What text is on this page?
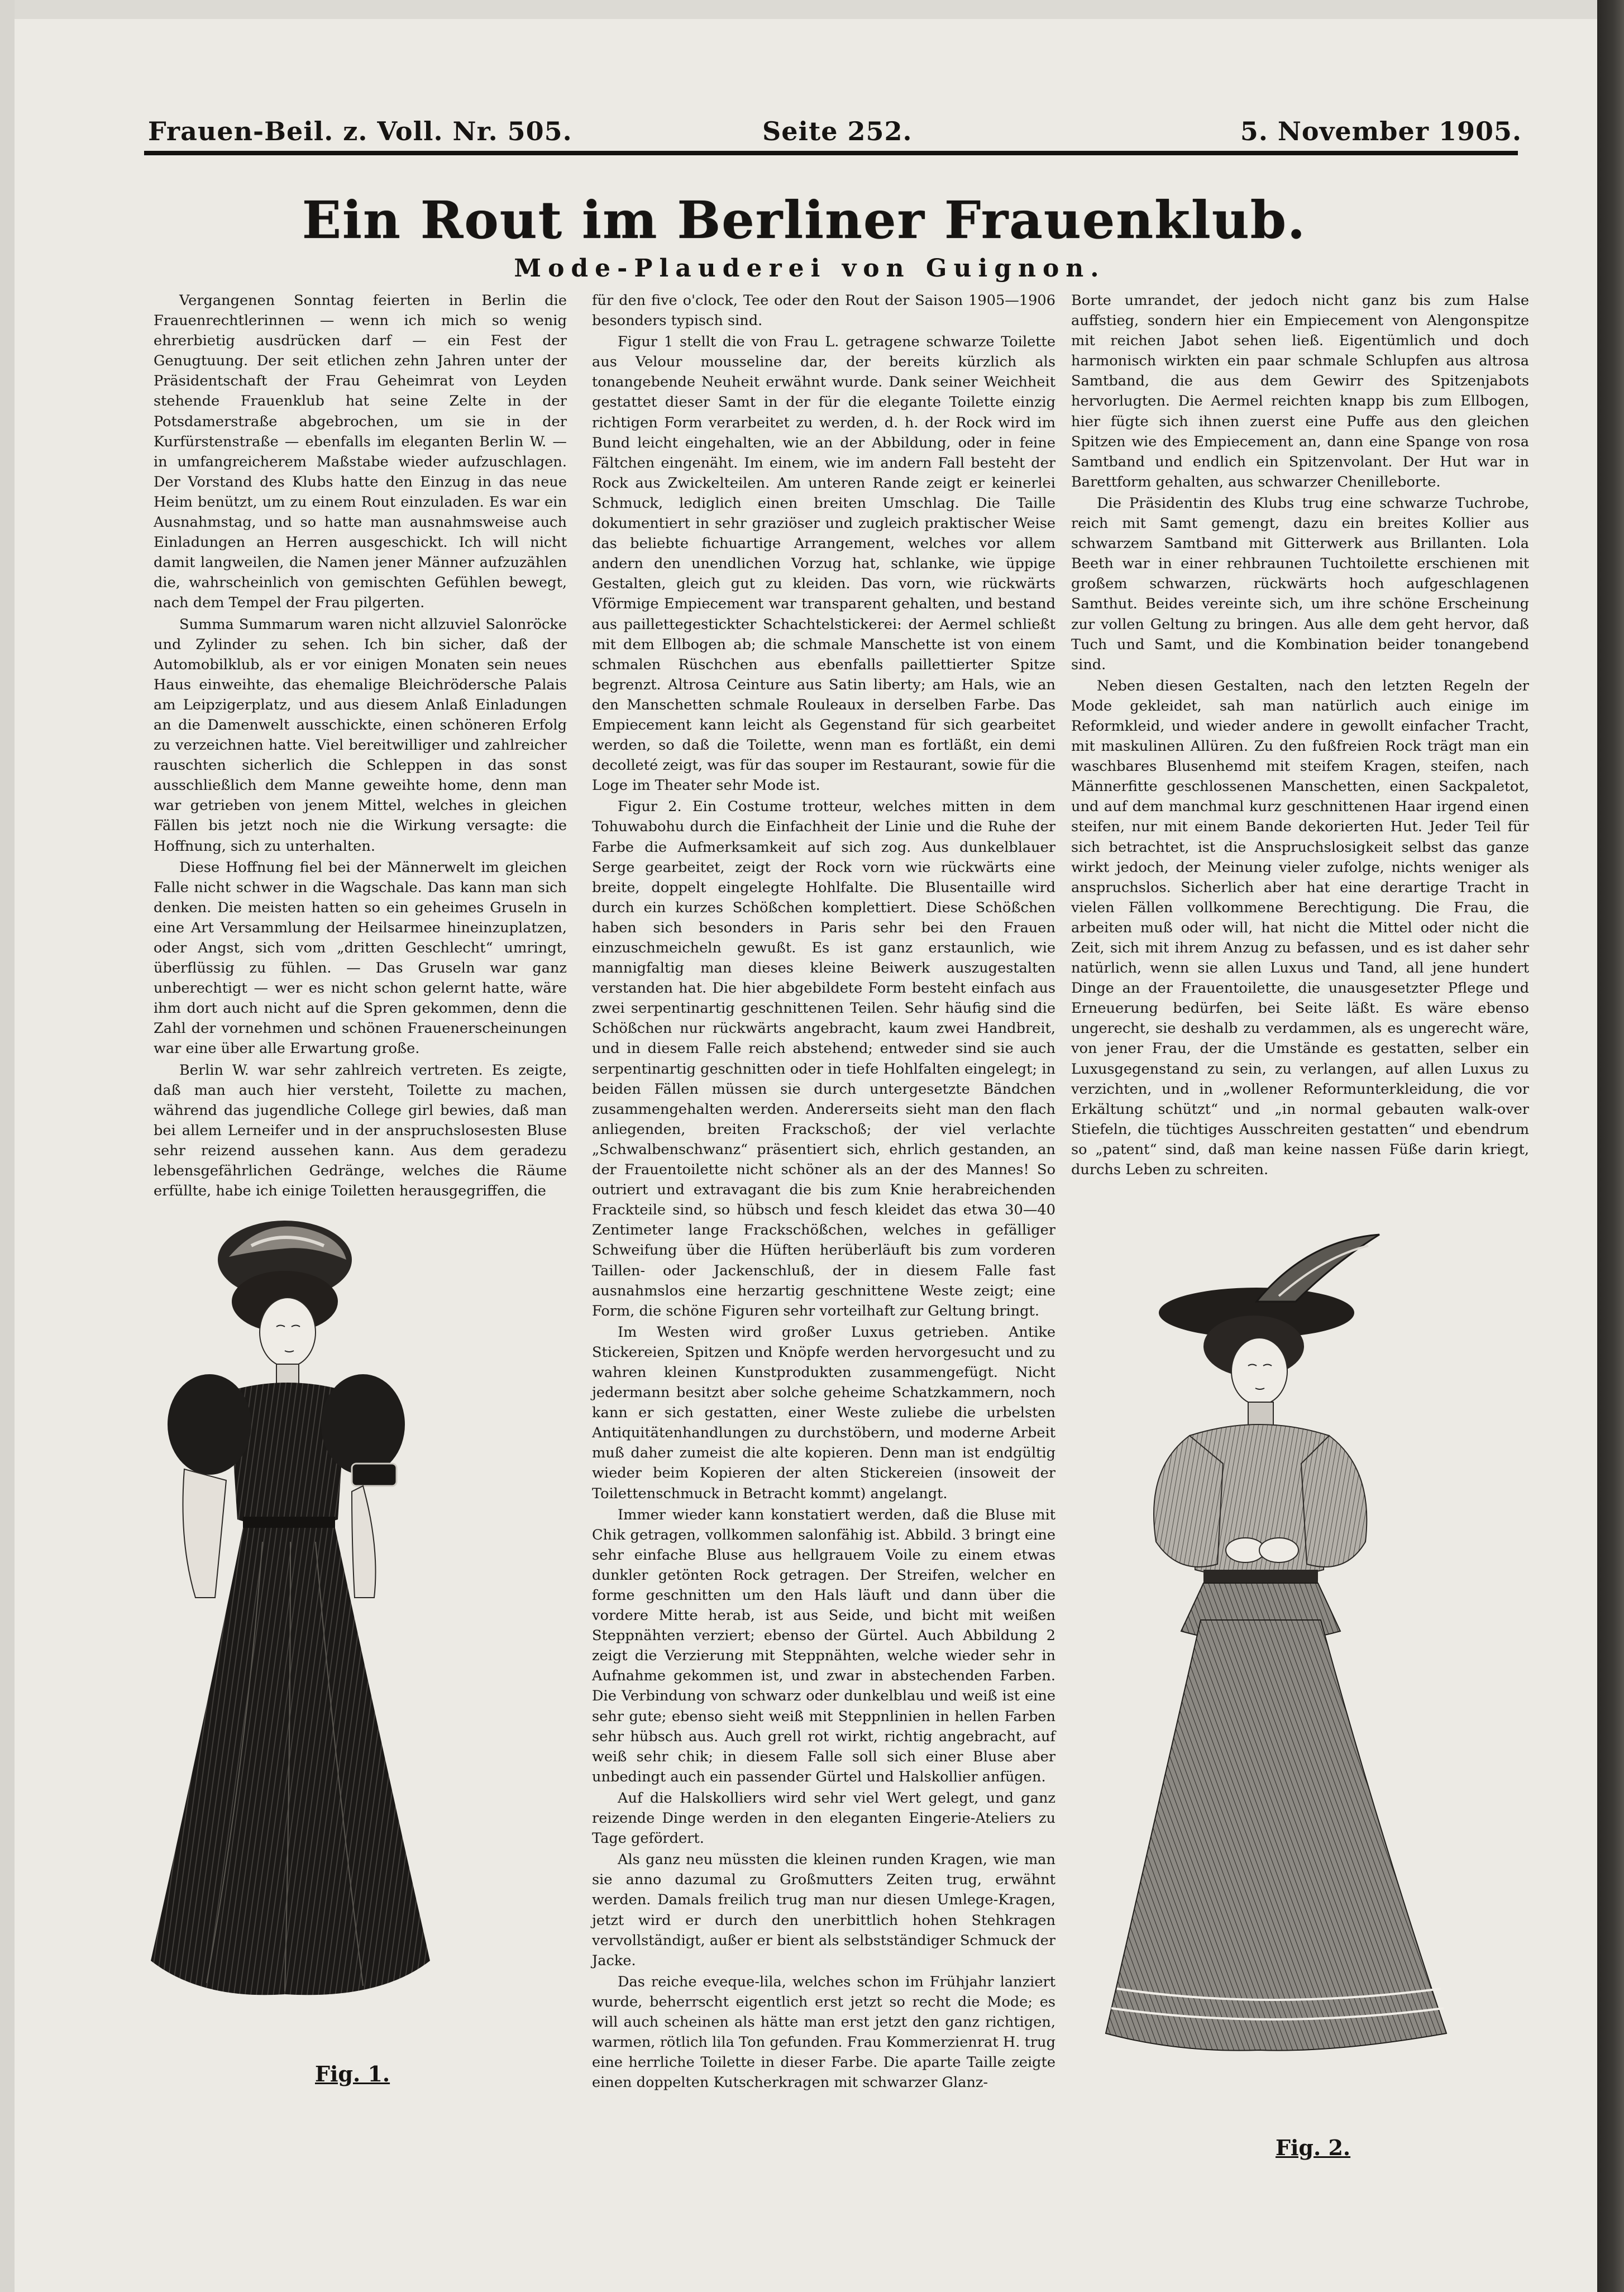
Frauen-Beil. z. Voll. Nr. 505.	Seite 252.	5. November 1905.
Ein Rout im Berliner Frauenklub.
Mode-Plauderei von Guignon.

Vergangenen Sonntag feierten in Berlin die Frauenrechtlerinnen — wenn ich mich so wenig ehrerbietig ausdrücken darf — ein Fest der Genugtuung. Der seit etlichen zehn Jahren unter der Präsidentschaft der Frau Geheimrat von Leyden stehende Frauenklub hat seine Zelte in der Potsdamerstraße abgebrochen, um sie in der Kurfürstenstraße — ebenfalls im eleganten Berlin W. — in umfangreicherem Maßstabe wieder aufzuschlagen. Der Vorstand des Klubs hatte den Einzug in das neue Heim benützt, um zu einem Rout einzuladen. Es war ein Ausnahmstag, und so hatte man ausnahmsweise auch Einladungen an Herren ausgeschickt. Ich will nicht damit langweilen, die Namen jener Männer aufzuzählen die, wahrscheinlich von gemischten Gefühlen bewegt, nach dem Tempel der Frau pilgerten.

Summa Summarum waren nicht allzuviel Salonröcke und Zylinder zu sehen. Ich bin sicher, daß der Automobilklub, als er vor einigen Monaten sein neues Haus einweihte, das ehemalige Bleichrödersche Palais am Leipzigerplatz, und aus diesem Anlaß Einladungen an die Damenwelt ausschickte, einen schöneren Erfolg zu verzeichnen hatte. Viel bereitwilliger und zahlreicher rauschten sicherlich die Schleppen in das sonst ausschließlich dem Manne geweihte home, denn man war getrieben von jenem Mittel, welches in gleichen Fällen bis jetzt noch nie die Wirkung versagte: die Hoffnung, sich zu unterhalten.

Diese Hoffnung fiel bei der Männerwelt im gleichen Falle nicht schwer in die Wagschale. Das kann man sich denken. Die meisten hatten so ein geheimes Gruseln in eine Art Versammlung der Heilsarmee hineinzuplatzen, oder Angst, sich vom „dritten Geschlecht“ umringt, überflüssig zu fühlen. — Das Gruseln war ganz unberechtigt — wer es nicht schon gelernt hatte, wäre ihm dort auch nicht auf die Spren gekommen, denn die Zahl der vornehmen und schönen Frauenerscheinungen war eine über alle Erwartung große.

Berlin W. war sehr zahlreich vertreten. Es zeigte, daß man auch hier versteht, Toilette zu machen, während das jugendliche College girl bewies, daß man bei allem Lerneifer und in der anspruchslosesten Bluse sehr reizend aussehen kann. Aus dem geradezu lebensgefährlichen Gedränge, welches die Räume erfüllte, habe ich einige Toiletten herausgegriffen, die

für den five o'clock, Tee oder den Rout der Saison 1905—1906 besonders typisch sind.

Figur 1 stellt die von Frau L. getragene schwarze Toilette aus Velour mousseline dar, der bereits kürzlich als tonangebende Neuheit erwähnt wurde. Dank seiner Weichheit gestattet dieser Samt in der für die elegante Toilette einzig richtigen Form verarbeitet zu werden, d. h. der Rock wird im Bund leicht eingehalten, wie an der Abbildung, oder in feine Fältchen eingenäht. Im einem, wie im andern Fall besteht der Rock aus Zwickelteilen. Am unteren Rande zeigt er keinerlei Schmuck, lediglich einen breiten Umschlag. Die Taille dokumentiert in sehr graziöser und zugleich praktischer Weise das beliebte fichuartige Arrangement, welches vor allem andern den unendlichen Vorzug hat, schlanke, wie üppige Gestalten, gleich gut zu kleiden. Das vorn, wie rückwärts Vförmige Empiecement war transparent gehalten, und bestand aus paillettegestickter Schachtelstickerei: der Aermel schließt mit dem Ellbogen ab; die schmale Manschette ist von einem schmalen Rüschchen aus ebenfalls paillettierter Spitze begrenzt. Altrosa Ceinture aus Satin liberty; am Hals, wie an den Manschetten schmale Rouleaux in derselben Farbe. Das Empiecement kann leicht als Gegenstand für sich gearbeitet werden, so daß die Toilette, wenn man es fortläßt, ein demi decolleté zeigt, was für das souper im Restaurant, sowie für die Loge im Theater sehr Mode ist.

Figur 2. Ein Costume trotteur, welches mitten in dem Tohuwabohu durch die Einfachheit der Linie und die Ruhe der Farbe die Aufmerksamkeit auf sich zog. Aus dunkelblauer Serge gearbeitet, zeigt der Rock vorn wie rückwärts eine breite, doppelt eingelegte Hohlfalte. Die Blusentaille wird durch ein kurzes Schößchen komplettiert. Diese Schößchen haben sich besonders in Paris sehr bei den Frauen einzuschmeicheln gewußt. Es ist ganz erstaunlich, wie mannigfaltig man dieses kleine Beiwerk auszugestalten verstanden hat. Die hier abgebildete Form besteht einfach aus zwei serpentinartig geschnittenen Teilen. Sehr häufig sind die Schößchen nur rückwärts angebracht, kaum zwei Handbreit, und in diesem Falle reich abstehend; entweder sind sie auch serpentinartig geschnitten oder in tiefe Hohlfalten eingelegt; in beiden Fällen müssen sie durch untergesetzte Bändchen zusammengehalten werden. Andererseits sieht man den flach anliegenden, breiten Frackschoß; der viel verlachte „Schwalbenschwanz“ präsentiert sich, ehrlich gestanden, an der Frauentoilette nicht schöner als an der des Mannes! So outriert und extravagant die bis zum Knie herabreichenden Frackteile sind, so hübsch und fesch kleidet das etwa 30—40 Zentimeter lange Frackschößchen, welches in gefälliger Schweifung über die Hüften herüberläuft bis zum vorderen Taillen- oder Jackenschluß, der in diesem Falle fast ausnahmslos eine herzartig geschnittene Weste zeigt; eine Form, die schöne Figuren sehr vorteilhaft zur Geltung bringt.

Im Westen wird großer Luxus getrieben. Antike Stickereien, Spitzen und Knöpfe werden hervorgesucht und zu wahren kleinen Kunstprodukten zusammengefügt. Nicht jedermann besitzt aber solche geheime Schatzkammern, noch kann er sich gestatten, einer Weste zuliebe die urbelsten Antiquitätenhandlungen zu durchstöbern, und moderne Arbeit muß daher zumeist die alte kopieren. Denn man ist endgültig wieder beim Kopieren der alten Stickereien (insoweit der Toilettenschmuck in Betracht kommt) angelangt.

Immer wieder kann konstatiert werden, daß die Bluse mit Chik getragen, vollkommen salonfähig ist. Abbild. 3 bringt eine sehr einfache Bluse aus hellgrauem Voile zu einem etwas dunkler getönten Rock getragen. Der Streifen, welcher en forme geschnitten um den Hals läuft und dann über die vordere Mitte herab, ist aus Seide, und bicht mit weißen Steppnähten verziert; ebenso der Gürtel. Auch Abbildung 2 zeigt die Verzierung mit Steppnähten, welche wieder sehr in Aufnahme gekommen ist, und zwar in abstechenden Farben. Die Verbindung von schwarz oder dunkelblau und weiß ist eine sehr gute; ebenso sieht weiß mit Steppnlinien in hellen Farben sehr hübsch aus. Auch grell rot wirkt, richtig angebracht, auf weiß sehr chik; in diesem Falle soll sich einer Bluse aber unbedingt auch ein passender Gürtel und Halskollier anfügen.

Auf die Halskolliers wird sehr viel Wert gelegt, und ganz reizende Dinge werden in den eleganten Eingerie-Ateliers zu Tage gefördert.

Als ganz neu müssten die kleinen runden Kragen, wie man sie anno dazumal zu Großmutters Zeiten trug, erwähnt werden. Damals freilich trug man nur diesen Umlege-Kragen, jetzt wird er durch den unerbittlich hohen Stehkragen vervollständigt, außer er bient als selbstständiger Schmuck der Jacke.

Das reiche eveque-lila, welches schon im Frühjahr lanziert wurde, beherrscht eigentlich erst jetzt so recht die Mode; es will auch scheinen als hätte man erst jetzt den ganz richtigen, warmen, rötlich lila Ton gefunden. Frau Kommerzienrat H. trug eine herrliche Toilette in dieser Farbe. Die aparte Taille zeigte einen doppelten Kutscherkragen mit schwarzer Glanz-

Borte umrandet, der jedoch nicht ganz bis zum Halse auffstieg, sondern hier ein Empiecement von Alengonspitze mit reichen Jabot sehen ließ. Eigentümlich und doch harmonisch wirkten ein paar schmale Schlupfen aus altrosa Samtband, die aus dem Gewirr des Spitzenjabots hervorlugten. Die Aermel reichten knapp bis zum Ellbogen, hier fügte sich ihnen zuerst eine Puffe aus den gleichen Spitzen wie des Empiecement an, dann eine Spange von rosa Samtband und endlich ein Spitzenvolant. Der Hut war in Barettform gehalten, aus schwarzer Chenilleborte.

Die Präsidentin des Klubs trug eine schwarze Tuchrobe, reich mit Samt gemengt, dazu ein breites Kollier aus schwarzem Samtband mit Gitterwerk aus Brillanten. Lola Beeth war in einer rehbraunen Tuchtoilette erschienen mit großem schwarzen, rückwärts hoch aufgeschlagenen Samthut. Beides vereinte sich, um ihre schöne Erscheinung zur vollen Geltung zu bringen. Aus alle dem geht hervor, daß Tuch und Samt, und die Kombination beider tonangebend sind.

Neben diesen Gestalten, nach den letzten Regeln der Mode gekleidet, sah man natürlich auch einige im Reformkleid, und wieder andere in gewollt einfacher Tracht, mit maskulinen Allüren. Zu den fußfreien Rock trägt man ein waschbares Blusenhemd mit steifem Kragen, steifen, nach Männerfitte geschlossenen Manschetten, einen Sackpaletot, und auf dem manchmal kurz geschnittenen Haar irgend einen steifen, nur mit einem Bande dekorierten Hut. Jeder Teil für sich betrachtet, ist die Anspruchslosigkeit selbst das ganze wirkt jedoch, der Meinung vieler zufolge, nichts weniger als anspruchslos. Sicherlich aber hat eine derartige Tracht in vielen Fällen vollkommene Berechtigung. Die Frau, die arbeiten muß oder will, hat nicht die Mittel oder nicht die Zeit, sich mit ihrem Anzug zu befassen, und es ist daher sehr natürlich, wenn sie allen Luxus und Tand, all jene hundert Dinge an der Frauentoilette, die unausgesetzter Pflege und Erneuerung bedürfen, bei Seite läßt. Es wäre ebenso ungerecht, sie deshalb zu verdammen, als es ungerecht wäre, von jener Frau, der die Umstände es gestatten, selber ein Luxusgegenstand zu sein, zu verlangen, auf allen Luxus zu verzichten, und in „wollener Reformunterkleidung, die vor Erkältung schützt“ und „in normal gebauten walk-over Stiefeln, die tüchtiges Ausschreiten gestatten“ und ebendrum so „patent“ sind, daß man keine nassen Füße darin kriegt, durchs Leben zu schreiten.

Fig. 1.
Fig. 2.
